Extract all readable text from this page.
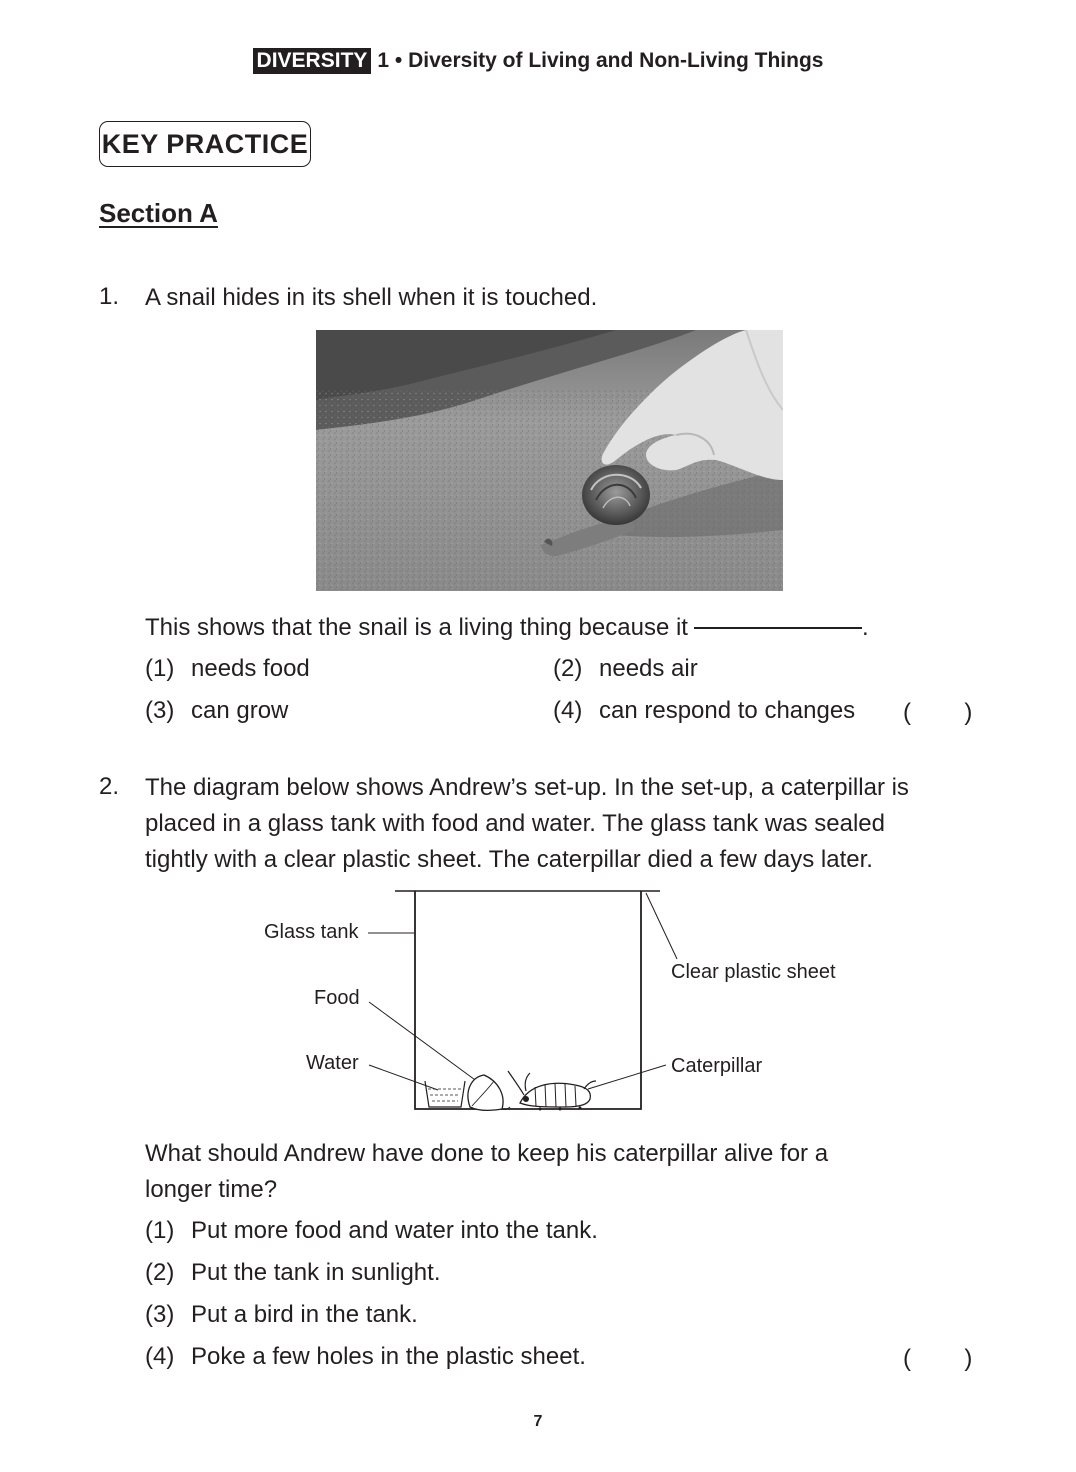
DIVERSITY 1 • Diversity of Living and Non-Living Things
KEY PRACTICE
Section A
1. A snail hides in its shell when it is touched.
This shows that the snail is a living thing because it	.
(1) needs food	(2) needs air
(3) can grow	(4) can respond to changes (        )
2. The diagram below shows Andrew’s set-up. In the set-up, a caterpillar is
placed in a glass tank with food and water. The glass tank was sealed
tightly with a clear plastic sheet. The caterpillar died a few days later.
Glass tank
Food
Water
Clear plastic sheet
Caterpillar
What should Andrew have done to keep his caterpillar alive for a
longer time?
(1) Put more food and water into the tank.
(2) Put the tank in sunlight.
(3) Put a bird in the tank.
(4) Poke a few holes in the plastic sheet.	(        )
7
